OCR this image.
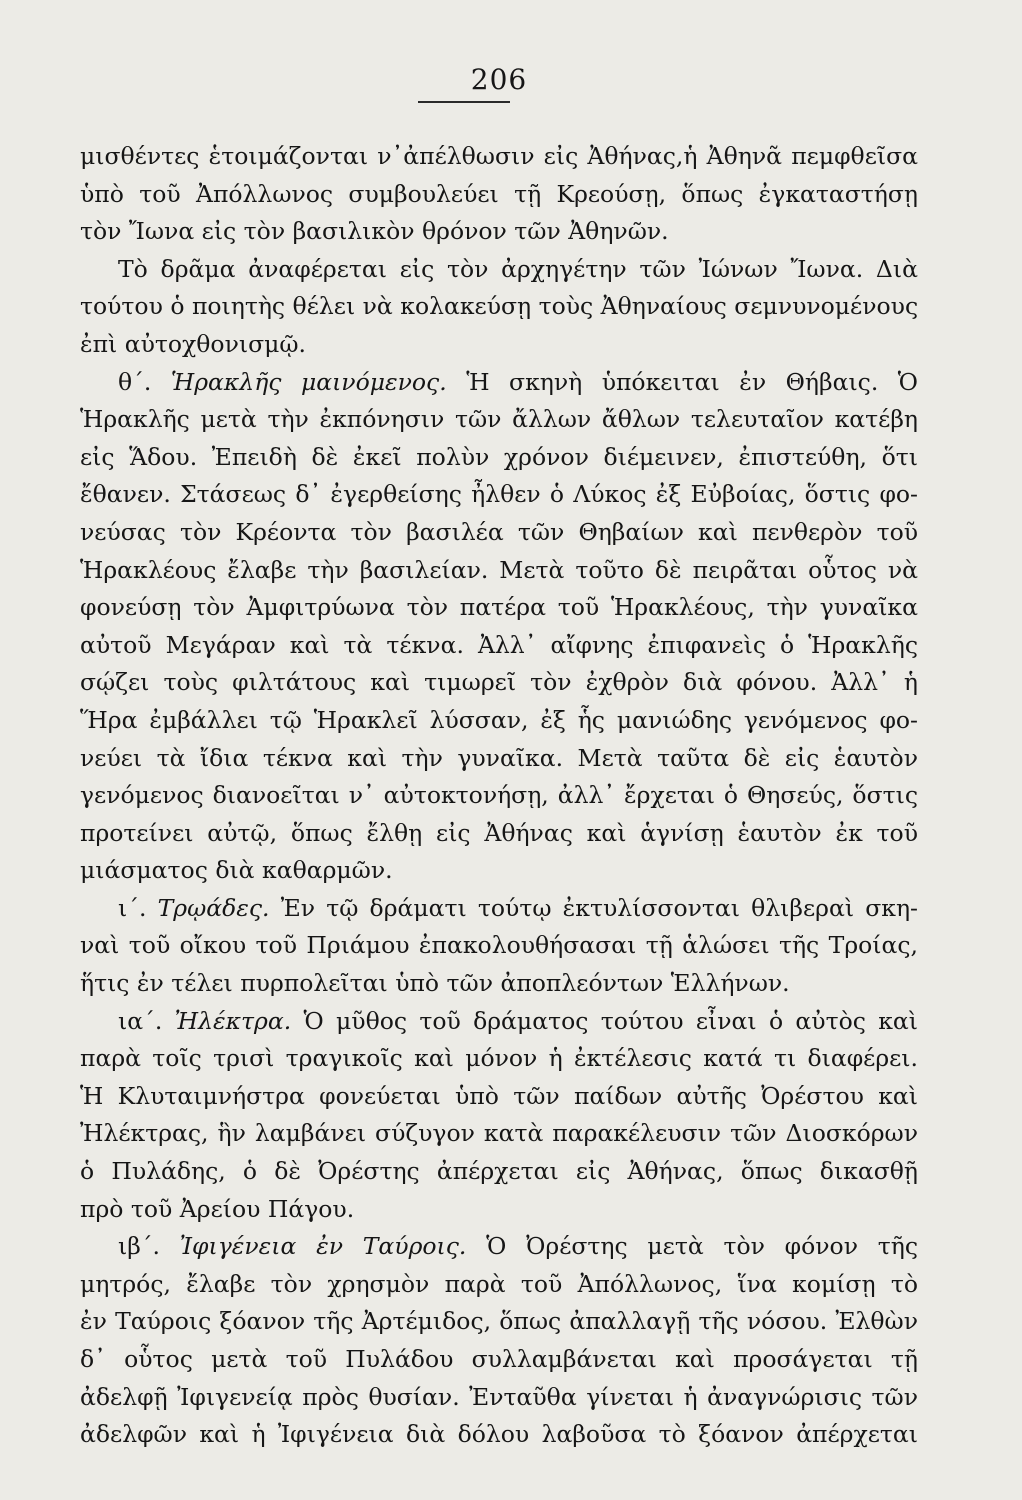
206

μισθέντες ἑτοιμάζονται ν᾽ἀπέλθωσιν εἰς Ἀθήνας,ἡ Ἀθηνᾶ πεμφθεῖσα

ὑπὸ τοῦ Ἀπόλλωνος συμβουλεύει τῇ Κρεούσῃ, ὅπως ἐγκαταστήσῃ

τὸν Ἴωνα εἰς τὸν βασιλικὸν θρόνον τῶν Ἀθηνῶν.

Τὸ δρᾶμα ἀναφέρεται εἰς τὸν ἀρχηγέτην τῶν Ἰώνων Ἴωνα. Διὰ

τούτου ὁ ποιητὴς θέλει νὰ κολακεύσῃ τοὺς Ἀθηναίους σεμνυνομένους

ἐπὶ αὐτοχθονισμῷ.

θ΄. Ἡρακλῆς μαινόμενος. Ἡ σκηνὴ ὑπόκειται ἐν Θήβαις. Ὁ

Ἡρακλῆς μετὰ τὴν ἐκπόνησιν τῶν ἄλλων ἄθλων τελευταῖον κατέβη

εἰς Ἅδου. Ἐπειδὴ δὲ ἐκεῖ πολὺν χρόνον διέμεινεν, ἐπιστεύθη, ὅτι

ἔθανεν. Στάσεως δ᾽ ἐγερθείσης ἦλθεν ὁ Λύκος ἐξ Εὐβοίας, ὅστις φο-

νεύσας τὸν Κρέοντα τὸν βασιλέα τῶν Θηβαίων καὶ πενθερὸν τοῦ

Ἡρακλέους ἔλαβε τὴν βασιλείαν. Μετὰ τοῦτο δὲ πειρᾶται οὗτος νὰ

φονεύσῃ τὸν Ἀμφιτρύωνα τὸν πατέρα τοῦ Ἡρακλέους, τὴν γυναῖκα

αὐτοῦ Μεγάραν καὶ τὰ τέκνα. Ἀλλ᾽ αἴφνης ἐπιφανεὶς ὁ Ἡρακλῆς

σῴζει τοὺς φιλτάτους καὶ τιμωρεῖ τὸν ἐχθρὸν διὰ φόνου. Ἀλλ᾽ ἡ

Ἥρα ἐμβάλλει τῷ Ἡρακλεῖ λύσσαν, ἐξ ἧς μανιώδης γενόμενος φο-

νεύει τὰ ἴδια τέκνα καὶ τὴν γυναῖκα. Μετὰ ταῦτα δὲ εἰς ἑαυτὸν

γενόμενος διανοεῖται ν᾽ αὐτοκτονήσῃ, ἀλλ᾽ ἔρχεται ὁ Θησεύς, ὅστις

προτείνει αὐτῷ, ὅπως ἔλθῃ εἰς Ἀθήνας καὶ ἁγνίσῃ ἑαυτὸν ἐκ τοῦ

μιάσματος διὰ καθαρμῶν.

ι΄. Τρῳάδες. Ἐν τῷ δράματι τούτῳ ἐκτυλίσσονται θλιβεραὶ σκη-

ναὶ τοῦ οἴκου τοῦ Πριάμου ἐπακολουθήσασαι τῇ ἁλώσει τῆς Τροίας,

ἥτις ἐν τέλει πυρπολεῖται ὑπὸ τῶν ἀποπλεόντων Ἑλλήνων.

ια΄. Ἠλέκτρα. Ὁ μῦθος τοῦ δράματος τούτου εἶναι ὁ αὐτὸς καὶ

παρὰ τοῖς τρισὶ τραγικοῖς καὶ μόνον ἡ ἐκτέλεσις κατά τι διαφέρει.

Ἡ Κλυταιμνήστρα φονεύεται ὑπὸ τῶν παίδων αὐτῆς Ὀρέστου καὶ

Ἠλέκτρας, ἣν λαμβάνει σύζυγον κατὰ παρακέλευσιν τῶν Διοσκόρων

ὁ Πυλάδης, ὁ δὲ Ὀρέστης ἀπέρχεται εἰς Ἀθήνας, ὅπως δικασθῇ

πρὸ τοῦ Ἀρείου Πάγου.

ιβ΄. Ἰφιγένεια ἐν Ταύροις. Ὁ Ὀρέστης μετὰ τὸν φόνον τῆς

μητρός, ἔλαβε τὸν χρησμὸν παρὰ τοῦ Ἀπόλλωνος, ἵνα κομίσῃ τὸ

ἐν Ταύροις ξόανον τῆς Ἀρτέμιδος, ὅπως ἀπαλλαγῇ τῆς νόσου. Ἐλθὼν

δ᾽ οὗτος μετὰ τοῦ Πυλάδου συλλαμβάνεται καὶ προσάγεται τῇ

ἀδελφῇ Ἰφιγενείᾳ πρὸς θυσίαν. Ἐνταῦθα γίνεται ἡ ἀναγνώρισις τῶν

ἀδελφῶν καὶ ἡ Ἰφιγένεια διὰ δόλου λαβοῦσα τὸ ξόανον ἀπέρχεται
